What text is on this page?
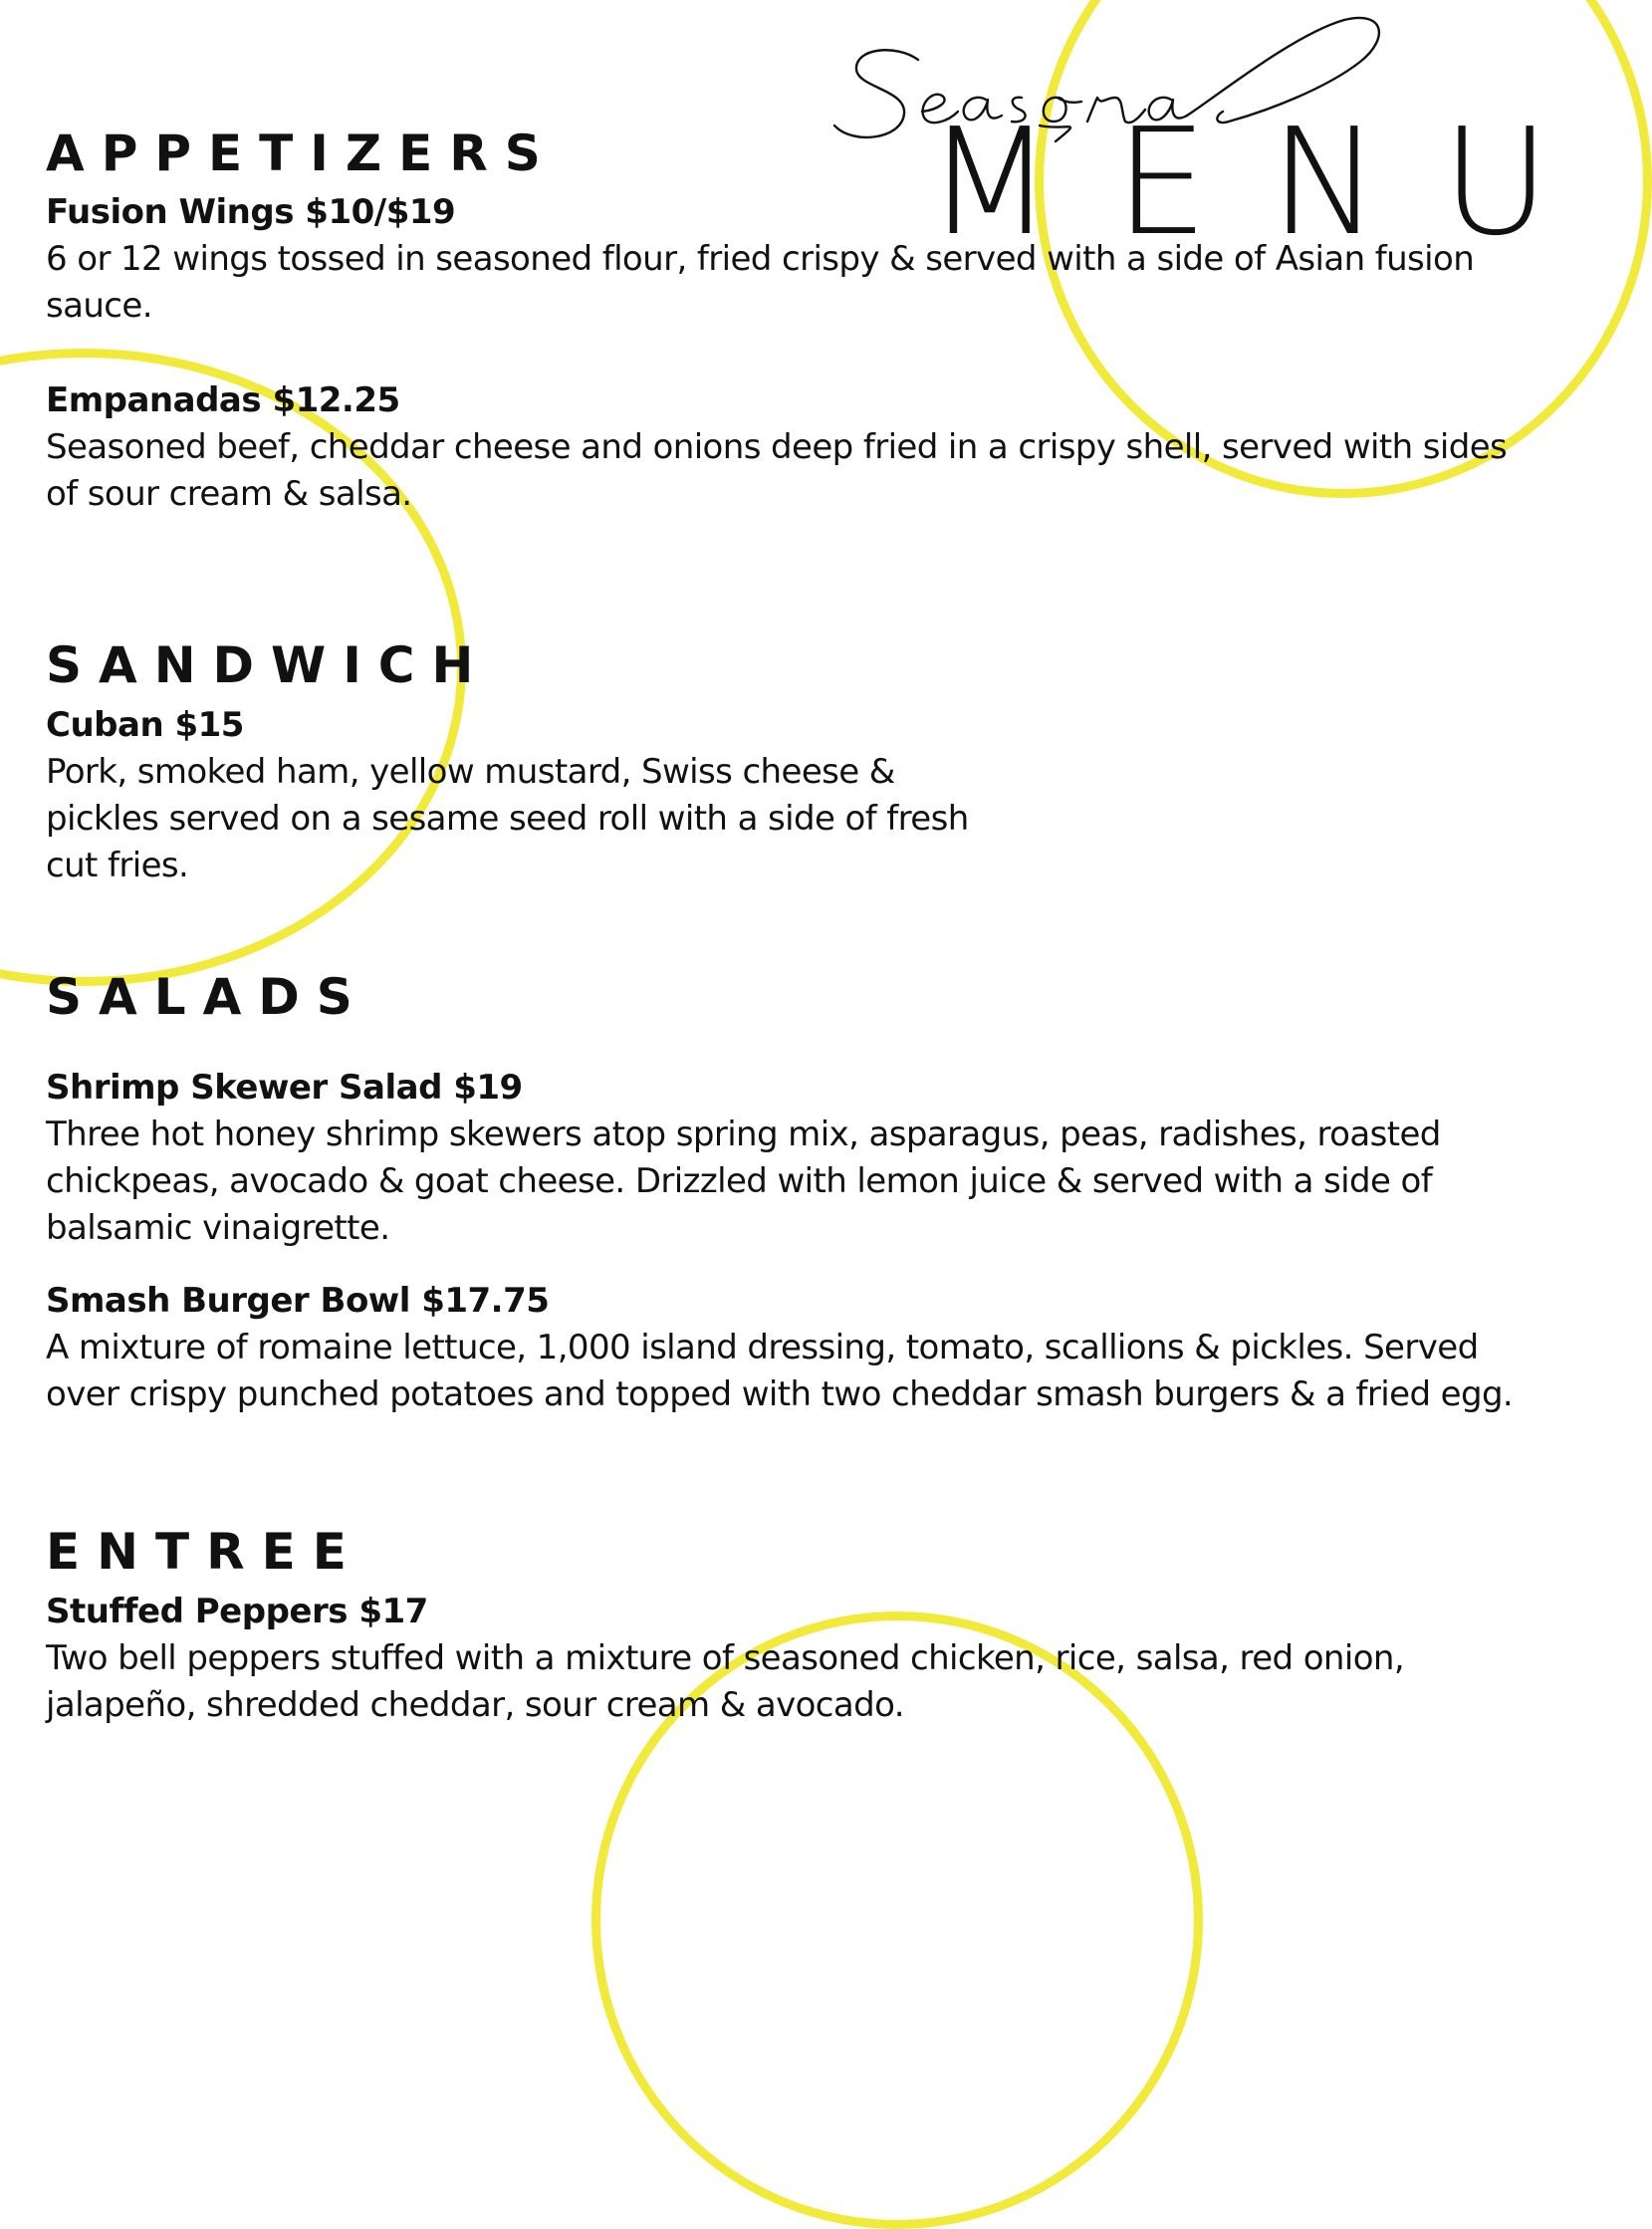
MENU
APPETIZERS
Fusion Wings $10/$19
6 or 12 wings tossed in seasoned flour, fried crispy & served with a side of Asian fusion sauce.
Empanadas $12.25
Seasoned beef, cheddar cheese and onions deep fried in a crispy shell, served with sides of sour cream & salsa.
SANDWICH
Cuban $15
Pork, smoked ham, yellow mustard, Swiss cheese & pickles served on a sesame seed roll with a side of fresh cut fries.
SALADS
Shrimp Skewer Salad $19
Three hot honey shrimp skewers atop spring mix, asparagus, peas, radishes, roasted chickpeas, avocado & goat cheese. Drizzled with lemon juice & served with a side of balsamic vinaigrette.
Smash Burger Bowl $17.75
A mixture of romaine lettuce, 1,000 island dressing, tomato, scallions & pickles. Served over crispy punched potatoes and topped with two cheddar smash burgers & a fried egg.
ENTREE
Stuffed Peppers $17
Two bell peppers stuffed with a mixture of seasoned chicken, rice, salsa, red onion, jalapeño, shredded cheddar, sour cream & avocado.
